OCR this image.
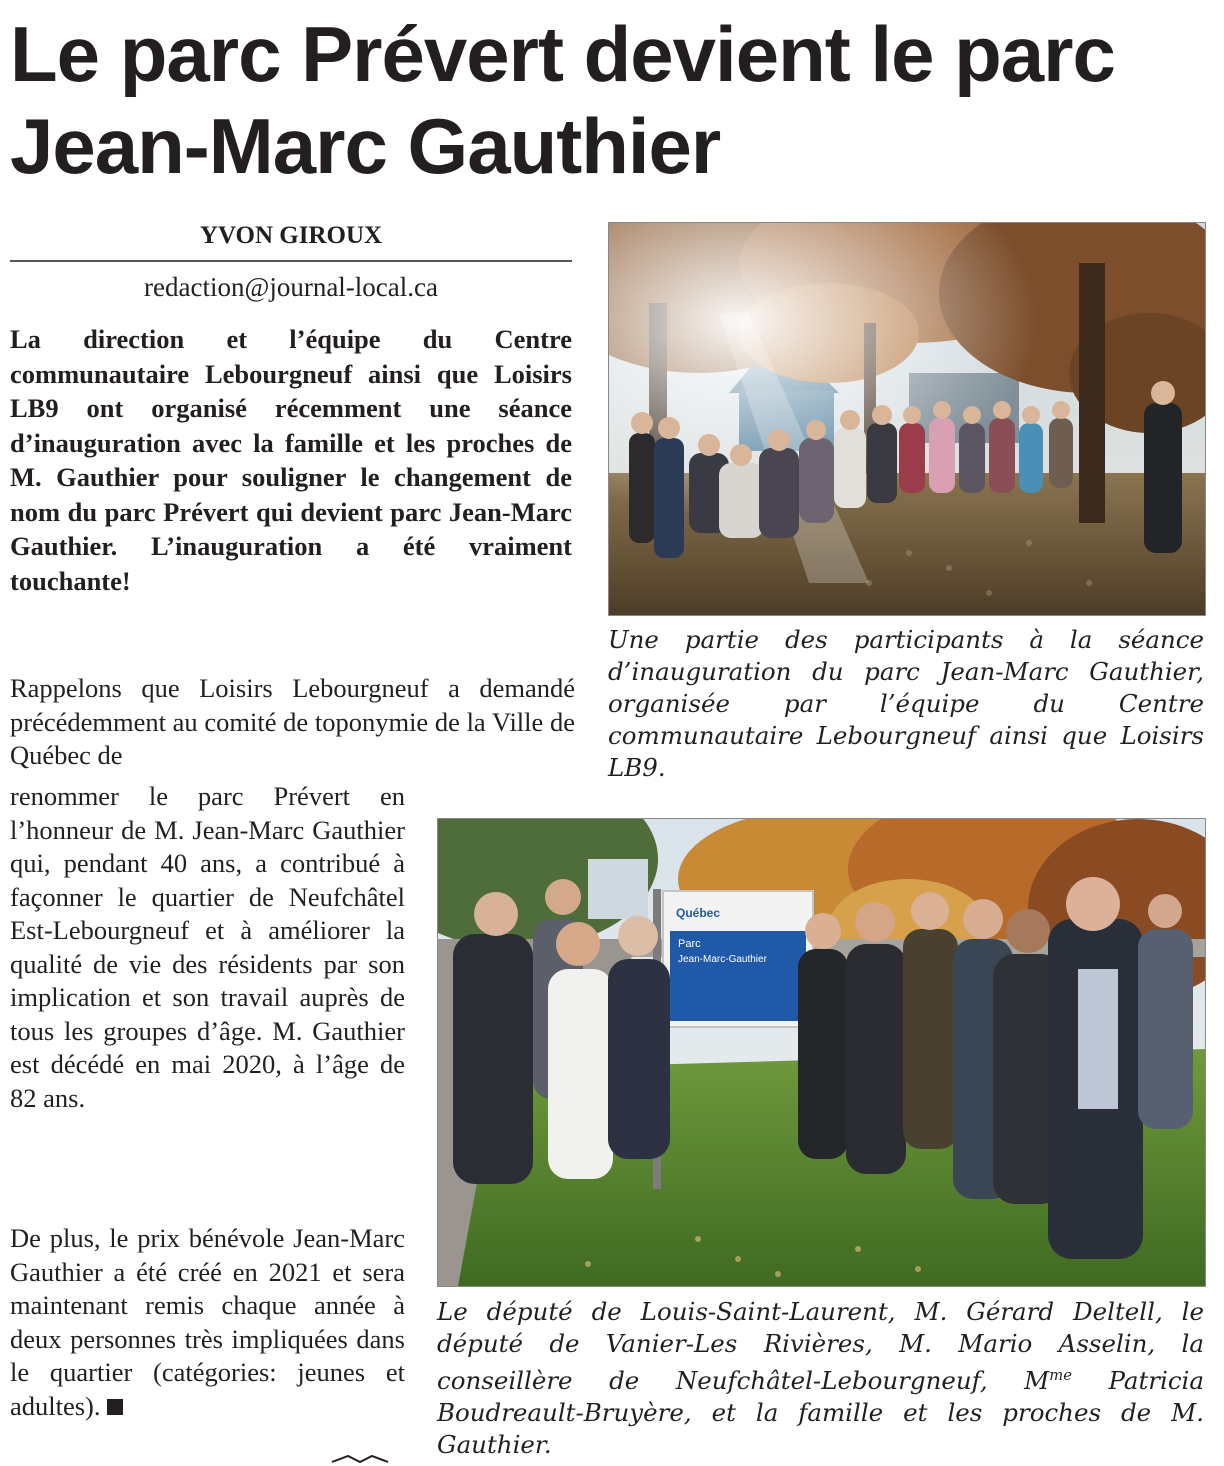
Le parc Prévert devient le parc Jean-Marc Gauthier
YVON GIROUX
redaction@journal-local.ca

La direction et l’équipe du Centre communautaire Lebourgneuf ainsi que Loisirs LB9 ont organisé récemment une séance d’inauguration avec la famille et les proches de M. Gauthier pour souligner le changement de nom du parc Prévert qui devient parc Jean-Marc Gauthier. L’inauguration a été vraiment touchante!

Rappelons que Loisirs Lebourgneuf a demandé précédemment au comité de toponymie de la Ville de Québec de

renommer le parc Prévert en l’honneur de M. Jean-Marc Gauthier qui, pendant 40 ans, a contribué à façonner le quartier de Neufchâtel Est-Lebourgneuf et à améliorer la qualité de vie des résidents par son implication et son travail auprès de tous les groupes d’âge. M. Gauthier est décédé en mai 2020, à l’âge de 82 ans.

De plus, le prix bénévole Jean-Marc Gauthier a été créé en 2021 et sera maintenant remis chaque année à deux personnes très impliquées dans le quartier (catégories: jeunes et adultes).

Une partie des participants à la séance d’inauguration du parc Jean-Marc Gauthier, organisée par l’équipe du Centre communautaire Lebourgneuf ainsi que Loisirs LB9.

Québec
Parc
Jean-Marc-Gauthier

Le député de Louis-Saint-Laurent, M. Gérard Deltell, le député de Vanier-Les Rivières, M. Mario Asselin, la conseillère de Neufchâtel-Lebourgneuf, $M^{me}$ Patricia Boudreault-Bruyère, et la famille et les proches de M. Gauthier.
